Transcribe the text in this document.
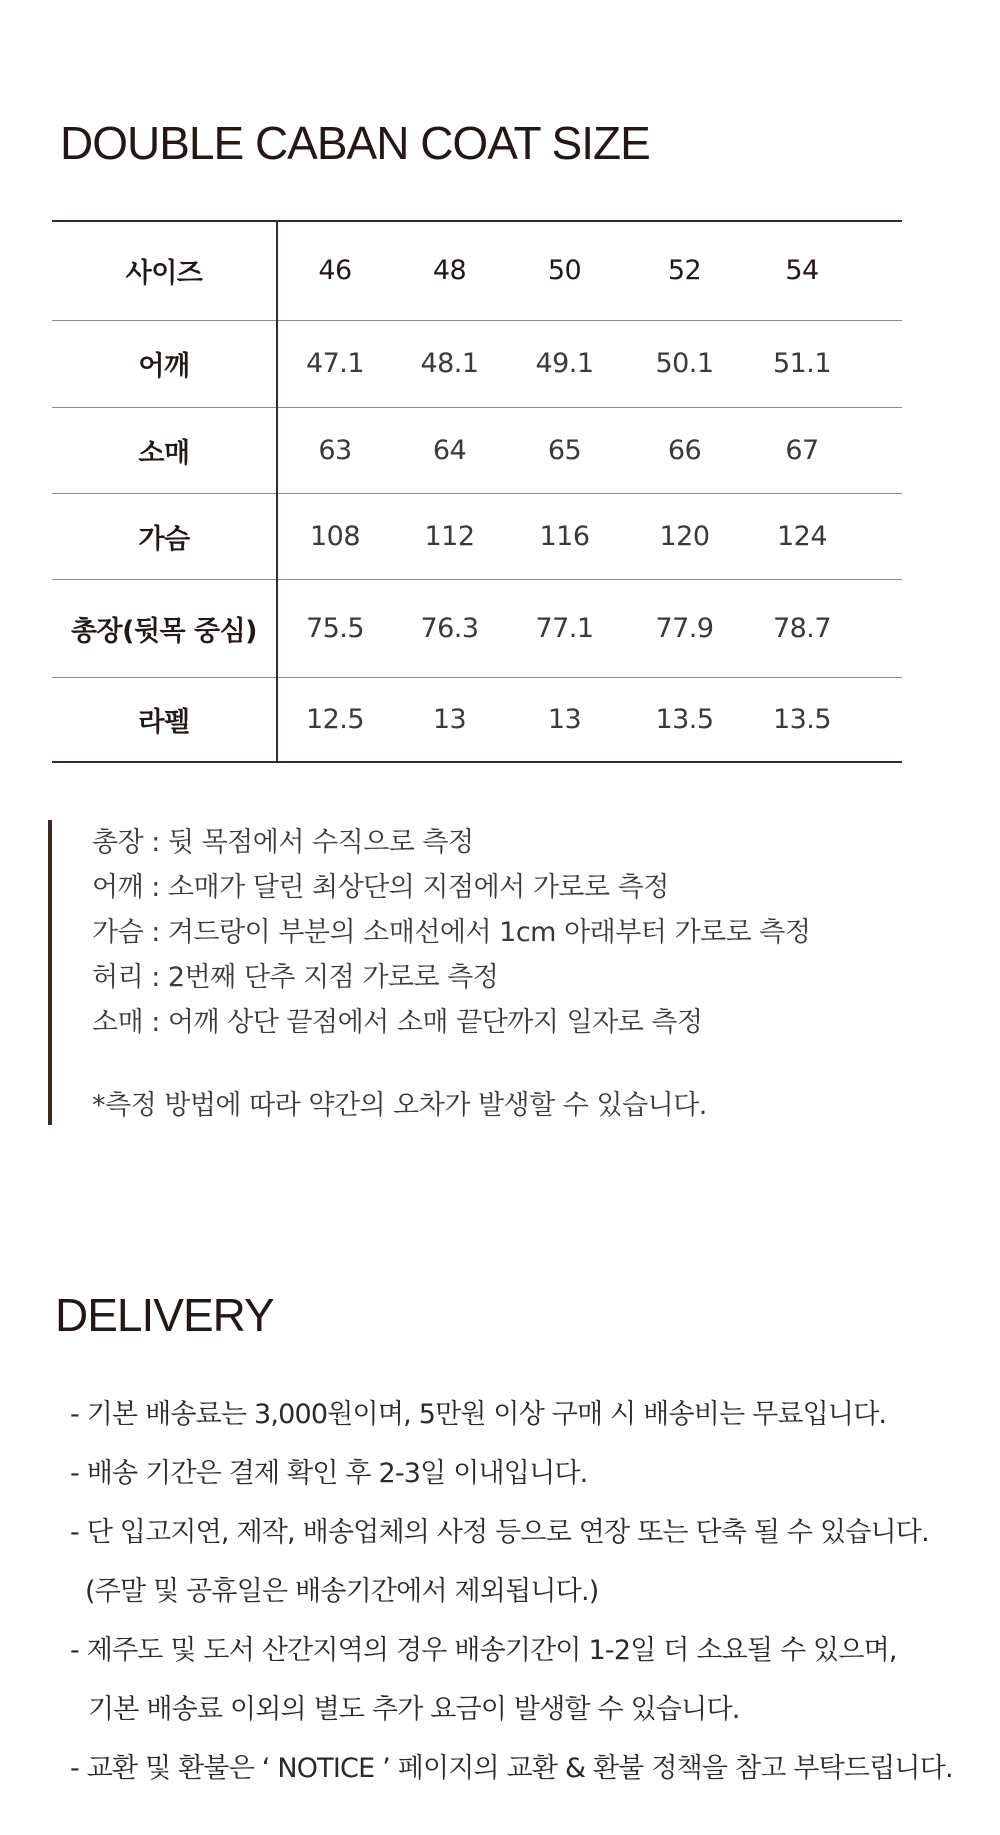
DOUBLE CABAN COAT SIZE
사이즈	46	48	50	52	54	
어깨	47.1	48.1	49.1	50.1	51.1	
소매	63	64	65	66	67	
가슴	108	112	116	120	124	
총장(뒷목 중심)	75.5	76.3	77.1	77.9	78.7	
라펠	12.5	13	13	13.5	13.5	
총장 : 뒷 목점에서 수직으로 측정
어깨 : 소매가 달린 최상단의 지점에서 가로로 측정
가슴 : 겨드랑이 부분의 소매선에서 1cm 아래부터 가로로 측정
허리 : 2번째 단추 지점 가로로 측정
소매 : 어깨 상단 끝점에서 소매 끝단까지 일자로 측정
*측정 방법에 따라 약간의 오차가 발생할 수 있습니다.
DELIVERY
- 기본 배송료는 3,000원이며, 5만원 이상 구매 시 배송비는 무료입니다.
- 배송 기간은 결제 확인 후 2-3일 이내입니다.
- 단 입고지연, 제작, 배송업체의 사정 등으로 연장 또는 단축 될 수 있습니다.
(주말 및 공휴일은 배송기간에서 제외됩니다.)
- 제주도 및 도서 산간지역의 경우 배송기간이 1-2일 더 소요될 수 있으며,
기본 배송료 이외의 별도 추가 요금이 발생할 수 있습니다.
- 교환 및 환불은 ‘ NOTICE ’ 페이지의 교환 & 환불 정책을 참고 부탁드립니다.
